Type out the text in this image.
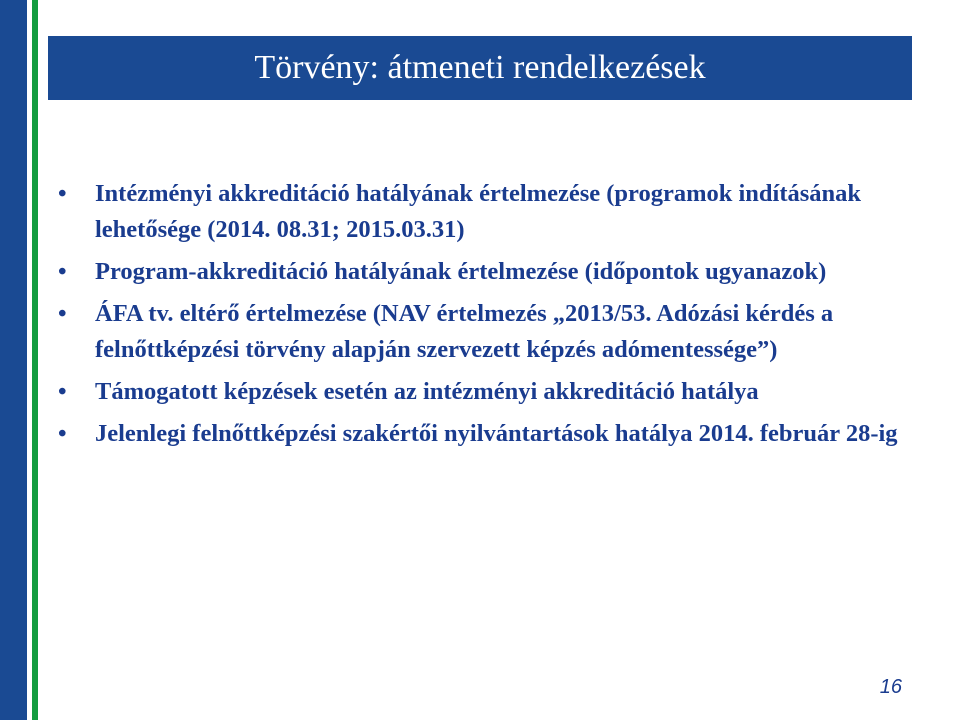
Törvény: átmeneti rendelkezések
• Intézményi akkreditáció hatályának értelmezése (programok indításának lehetősége (2014. 08.31; 2015.03.31)
• Program-akkreditáció hatályának értelmezése (időpontok ugyanazok)
• ÁFA tv. eltérő értelmezése (NAV értelmezés „2013/53. Adózási kérdés a felnőttképzési törvény alapján szervezett képzés adómentessége”)
• Támogatott képzések esetén az intézményi akkreditáció hatálya
• Jelenlegi felnőttképzési szakértői nyilvántartások hatálya 2014. február 28-ig
16
